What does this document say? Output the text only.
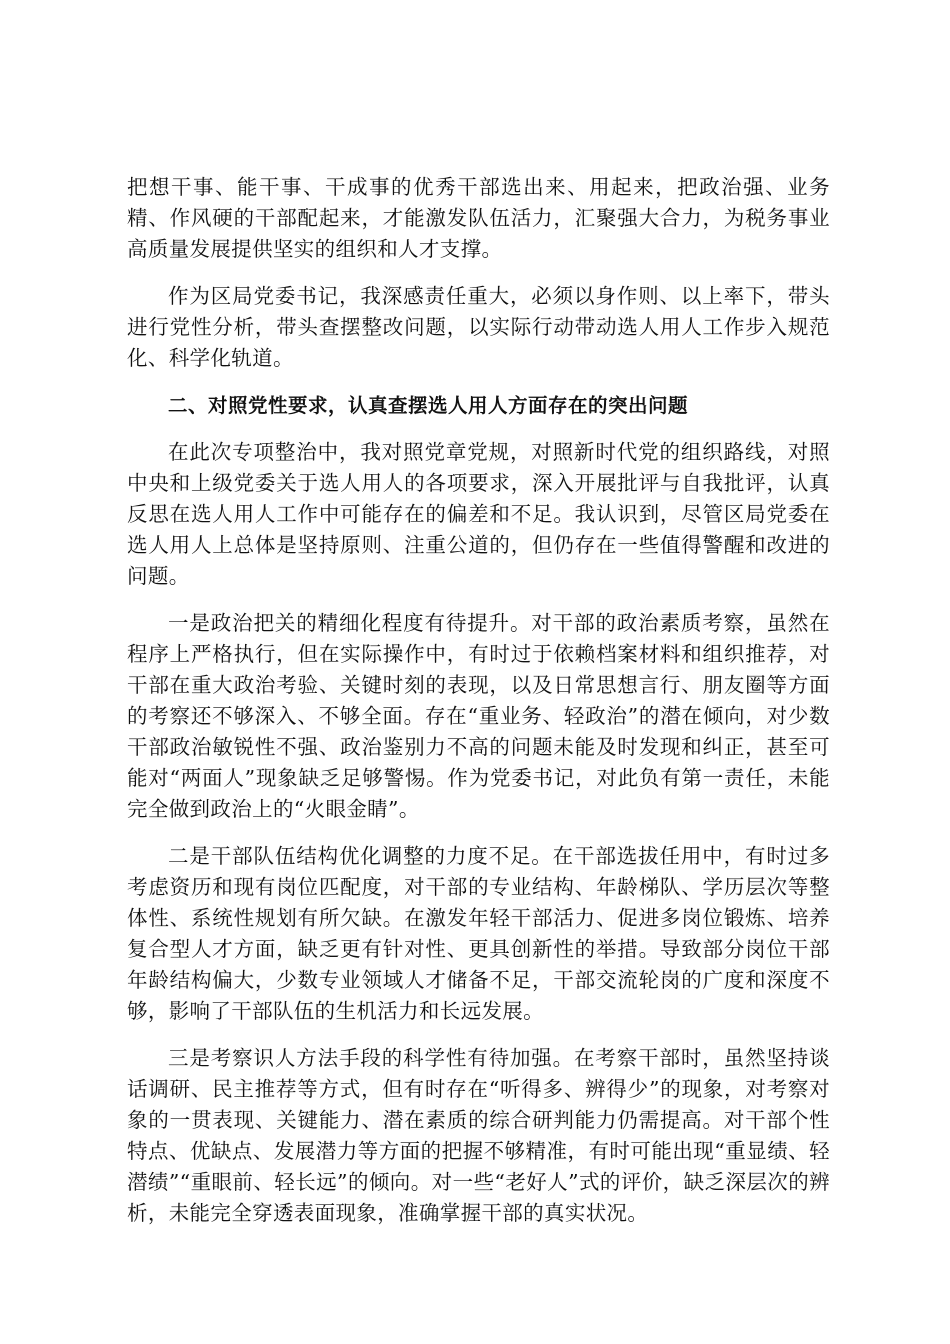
把想干事、能干事、干成事的优秀干部选出来、用起来，把政治强、业务精、作风硬的干部配起来，才能激发队伍活力，汇聚强大合力，为税务事业高质量发展提供坚实的组织和人才支撑。

作为区局党委书记，我深感责任重大，必须以身作则、以上率下，带头进行党性分析，带头查摆整改问题，以实际行动带动选人用人工作步入规范化、科学化轨道。

二、对照党性要求，认真查摆选人用人方面存在的突出问题

在此次专项整治中，我对照党章党规，对照新时代党的组织路线，对照中央和上级党委关于选人用人的各项要求，深入开展批评与自我批评，认真反思在选人用人工作中可能存在的偏差和不足。我认识到，尽管区局党委在选人用人上总体是坚持原则、注重公道的，但仍存在一些值得警醒和改进的问题。

一是政治把关的精细化程度有待提升。对干部的政治素质考察，虽然在程序上严格执行，但在实际操作中，有时过于依赖档案材料和组织推荐，对干部在重大政治考验、关键时刻的表现，以及日常思想言行、朋友圈等方面的考察还不够深入、不够全面。存在“重业务、轻政治”的潜在倾向，对少数干部政治敏锐性不强、政治鉴别力不高的问题未能及时发现和纠正，甚至可能对“两面人”现象缺乏足够警惕。作为党委书记，对此负有第一责任，未能完全做到政治上的“火眼金睛”。

二是干部队伍结构优化调整的力度不足。在干部选拔任用中，有时过多考虑资历和现有岗位匹配度，对干部的专业结构、年龄梯队、学历层次等整体性、系统性规划有所欠缺。在激发年轻干部活力、促进多岗位锻炼、培养复合型人才方面，缺乏更有针对性、更具创新性的举措。导致部分岗位干部年龄结构偏大，少数专业领域人才储备不足，干部交流轮岗的广度和深度不够，影响了干部队伍的生机活力和长远发展。

三是考察识人方法手段的科学性有待加强。在考察干部时，虽然坚持谈话调研、民主推荐等方式，但有时存在“听得多、辨得少”的现象，对考察对象的一贯表现、关键能力、潜在素质的综合研判能力仍需提高。对干部个性特点、优缺点、发展潜力等方面的把握不够精准，有时可能出现“重显绩、轻潜绩”“重眼前、轻长远”的倾向。对一些“老好人”式的评价，缺乏深层次的辨析，未能完全穿透表面现象，准确掌握干部的真实状况。
